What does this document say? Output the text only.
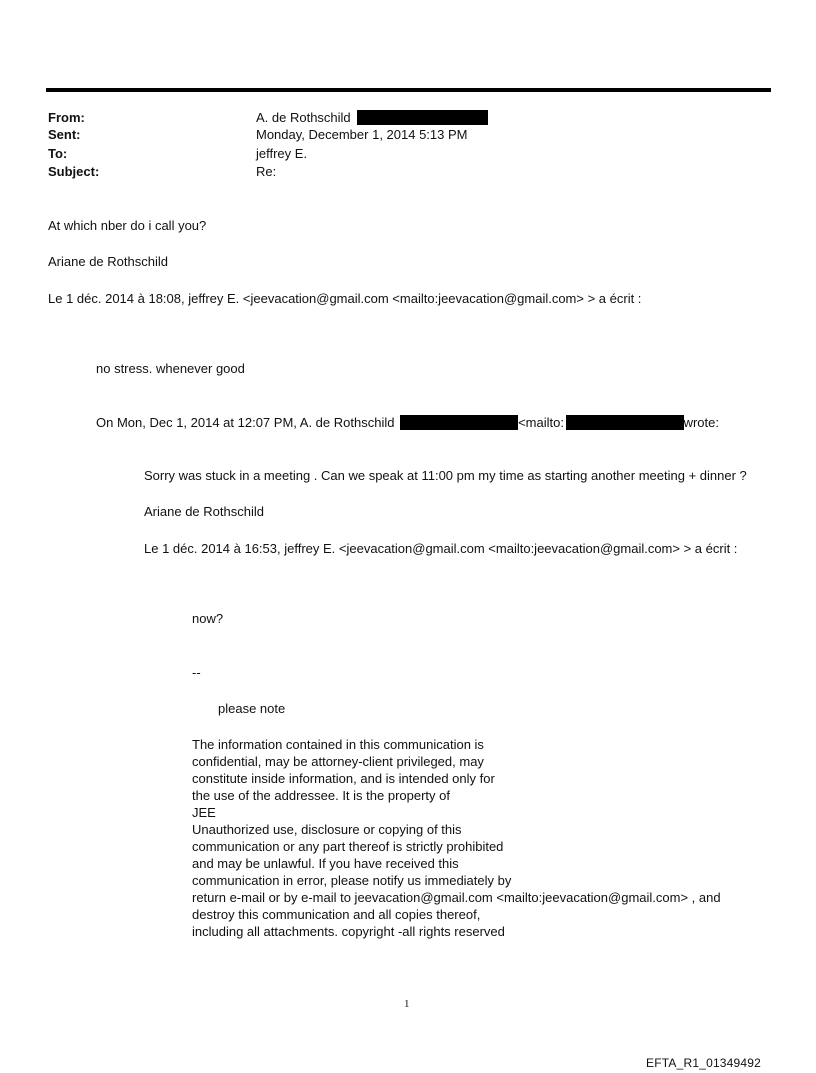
From:
Sent:
To:
Subject:
A. de Rothschild
Monday, December 1, 2014 5:13 PM
jeffrey E.
Re:
At which nber do i call you?
Ariane de Rothschild
Le 1 déc. 2014 à 18:08, jeffrey E. <jeevacation@gmail.com <mailto:jeevacation@gmail.com> > a écrit :
no stress. whenever good
On Mon, Dec 1, 2014 at 12:07 PM, A. de Rothschild	<mailto:	wrote:
Sorry was stuck in a meeting . Can we speak at 11:00 pm my time as starting another meeting + dinner ?
Ariane de Rothschild
Le 1 déc. 2014 à 16:53, jeffrey E. <jeevacation@gmail.com <mailto:jeevacation@gmail.com> > a écrit :
now?
--
please note
The information contained in this communication is
confidential, may be attorney-client privileged, may
constitute inside information, and is intended only for
the use of the addressee. It is the property of
JEE
Unauthorized use, disclosure or copying of this
communication or any part thereof is strictly prohibited
and may be unlawful. If you have received this
communication in error, please notify us immediately by
return e-mail or by e-mail to jeevacation@gmail.com <mailto:jeevacation@gmail.com> , and
destroy this communication and all copies thereof,
including all attachments. copyright -all rights reserved
1
EFTA_R1_01349492
